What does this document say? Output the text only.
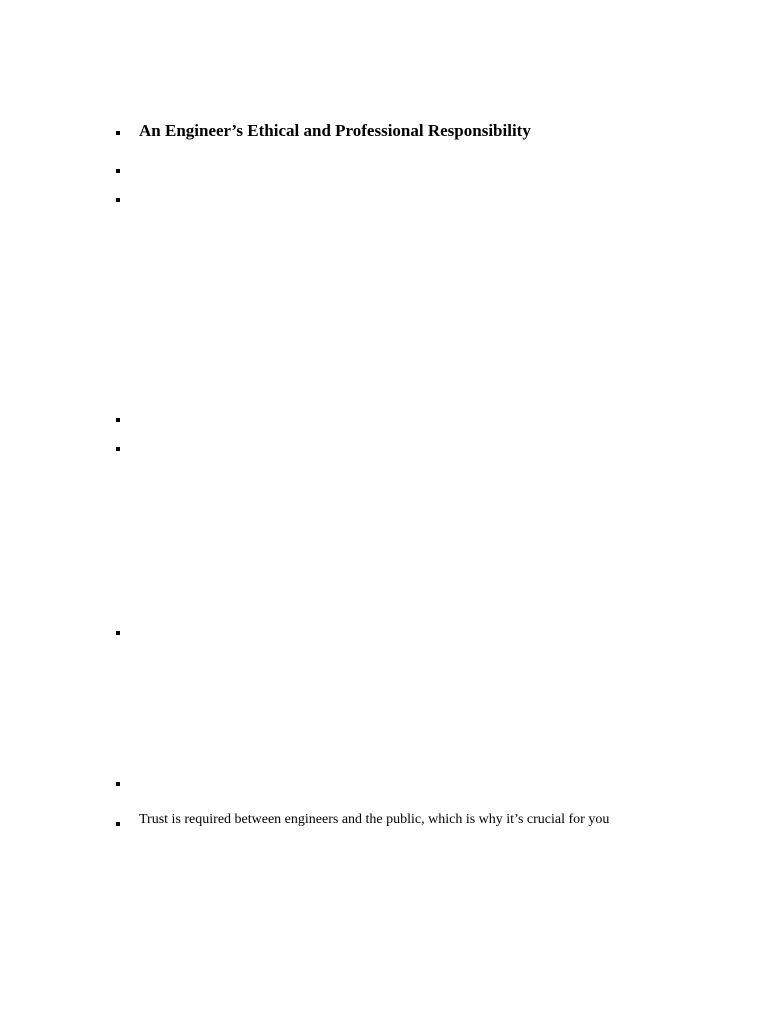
An Engineer’s Ethical and Professional Responsibility
Trust is required between engineers and the public, which is why it’s crucial for you
